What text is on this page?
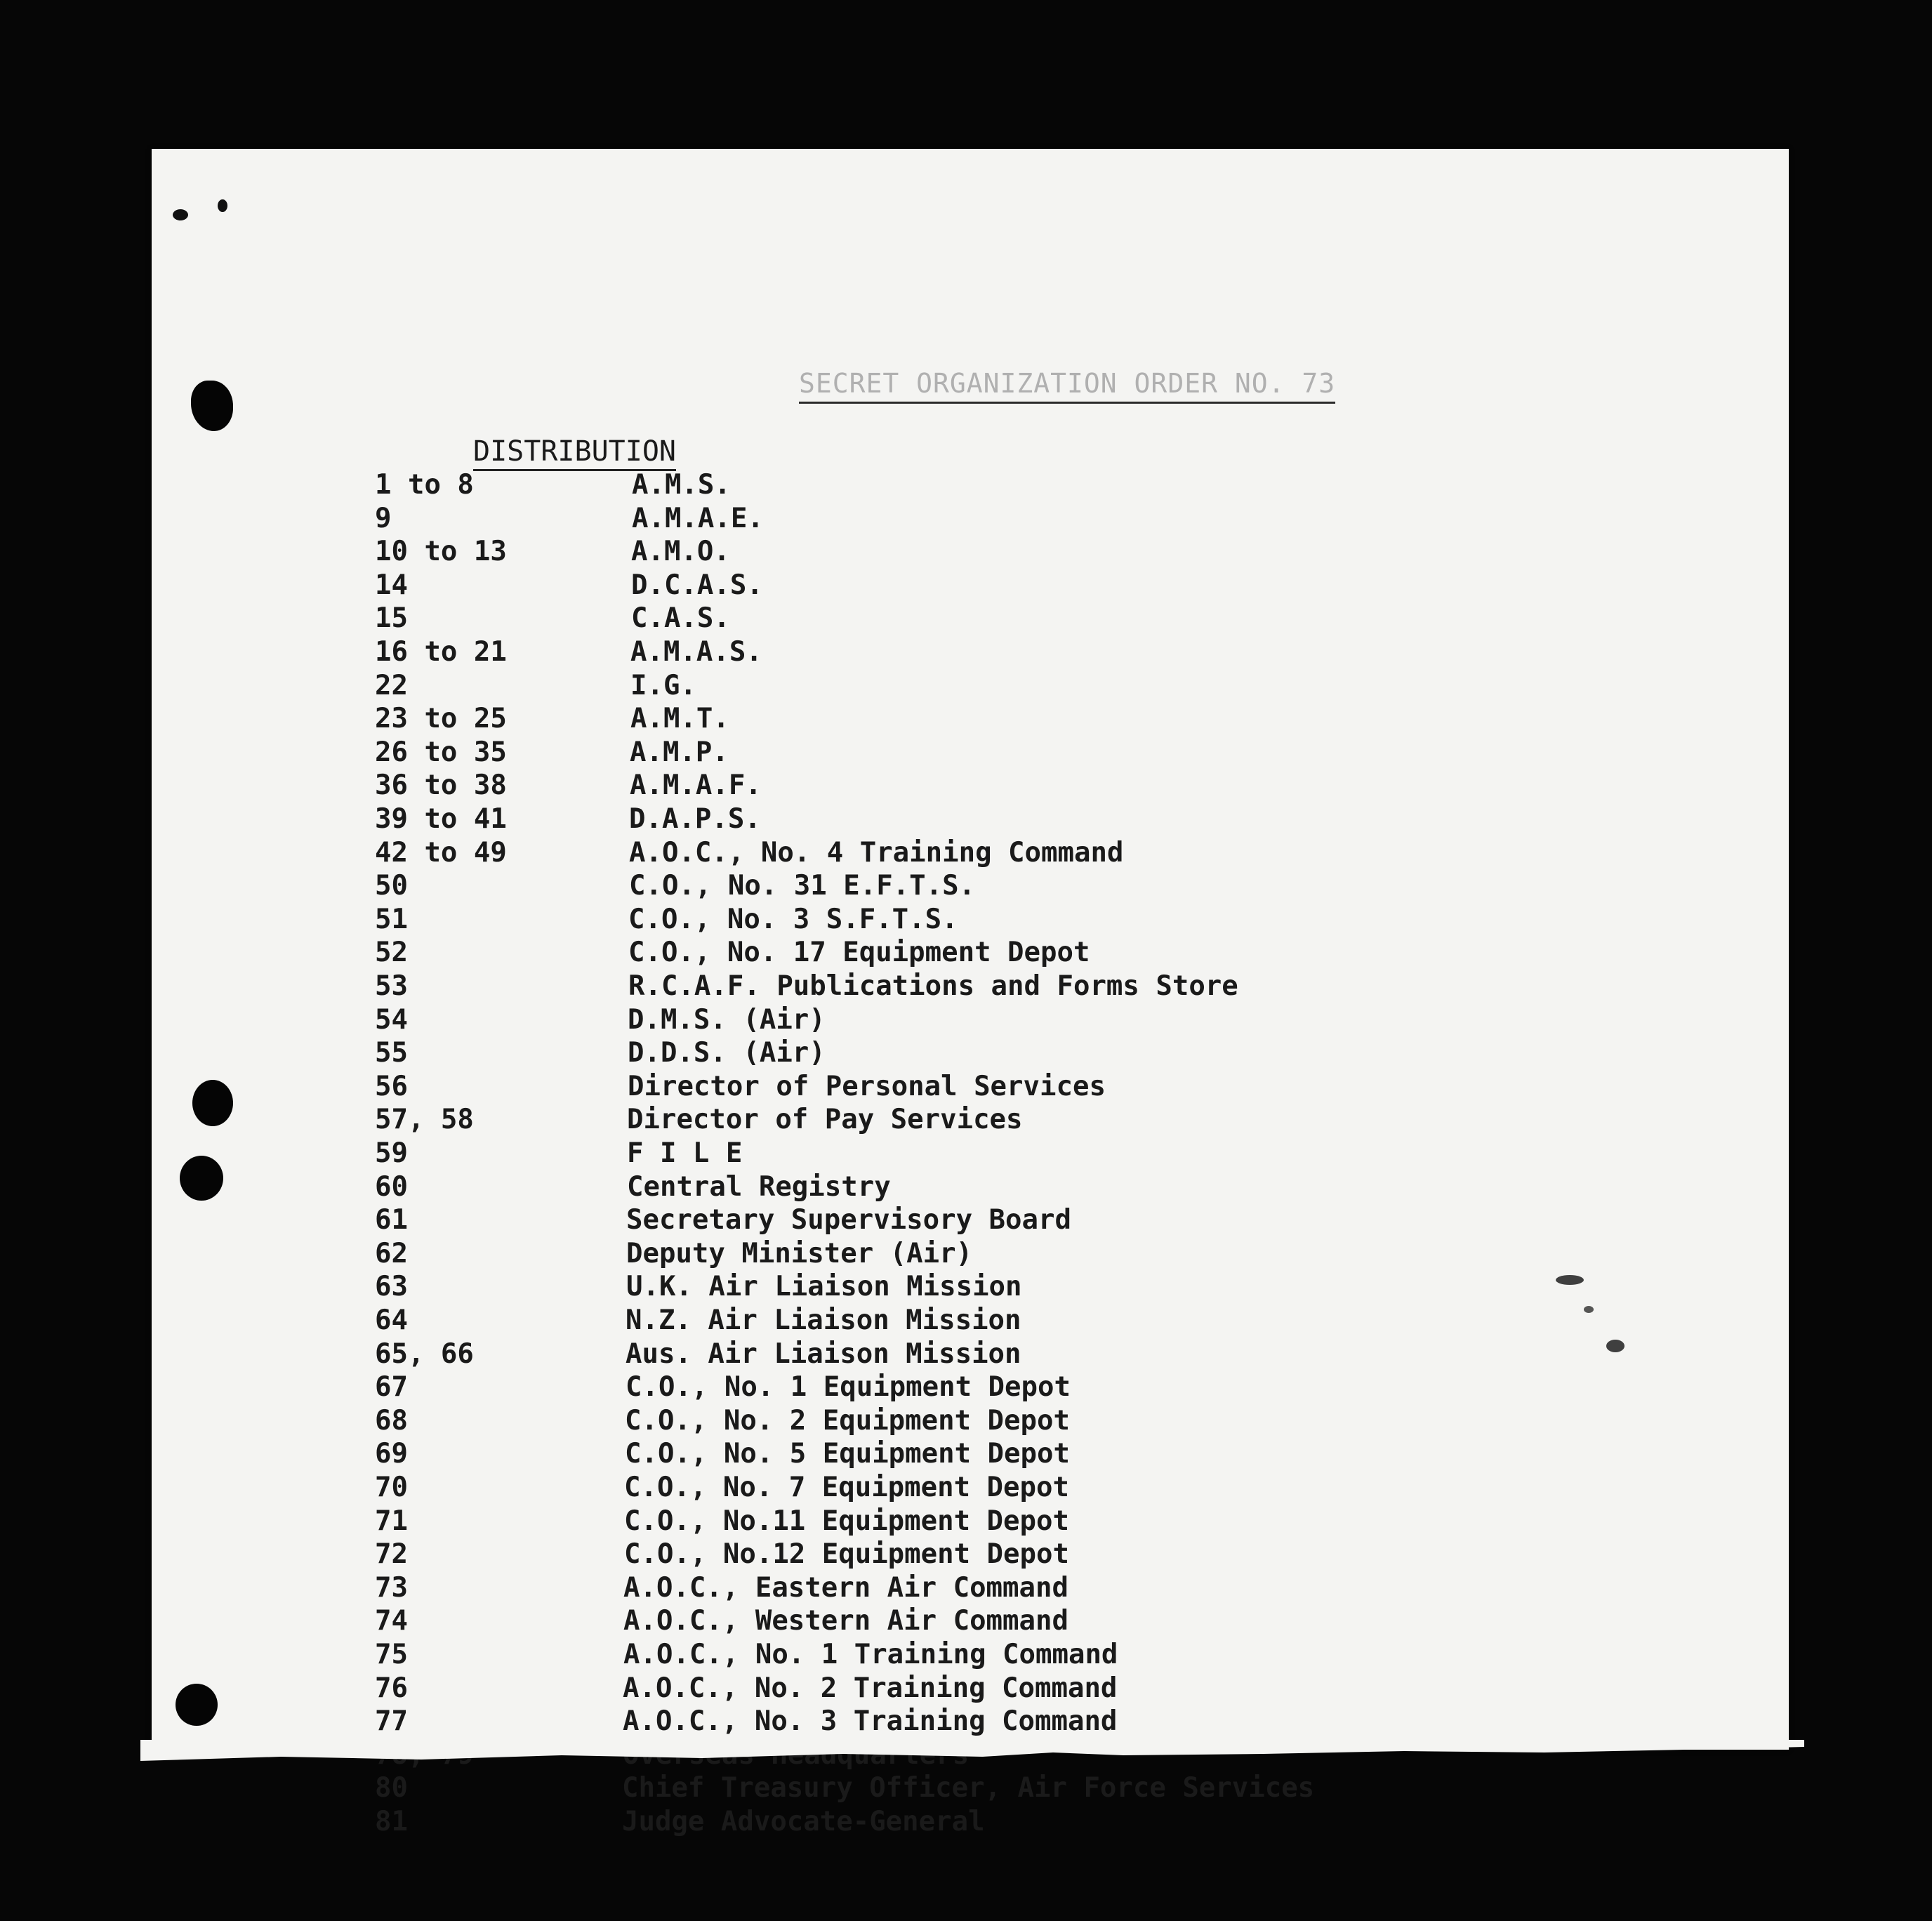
SECRET ORGANIZATION ORDER NO. 73
DISTRIBUTION
1 to 8	A.M.S.
9	A.M.A.E.
10 to 13	A.M.O.
14	D.C.A.S.
15	C.A.S.
16 to 21	A.M.A.S.
22	I.G.
23 to 25	A.M.T.
26 to 35	A.M.P.
36 to 38	A.M.A.F.
39 to 41	D.A.P.S.
42 to 49	A.O.C., No. 4 Training Command
50	C.O., No. 31 E.F.T.S.
51	C.O., No. 3 S.F.T.S.
52	C.O., No. 17 Equipment Depot
53	R.C.A.F. Publications and Forms Store
54	D.M.S. (Air)
55	D.D.S. (Air)
56	Director of Personal Services
57, 58	Director of Pay Services
59	F I L E
60	Central Registry
61	Secretary Supervisory Board
62	Deputy Minister (Air)
63	U.K. Air Liaison Mission
64	N.Z. Air Liaison Mission
65, 66	Aus. Air Liaison Mission
67	C.O., No. 1 Equipment Depot
68	C.O., No. 2 Equipment Depot
69	C.O., No. 5 Equipment Depot
70	C.O., No. 7 Equipment Depot
71	C.O., No.11 Equipment Depot
72	C.O., No.12 Equipment Depot
73	A.O.C., Eastern Air Command
74	A.O.C., Western Air Command
75	A.O.C., No. 1 Training Command
76	A.O.C., No. 2 Training Command
77	A.O.C., No. 3 Training Command
80	Chief Treasury Officer, Air Force Services
81	Judge Advocate-General
